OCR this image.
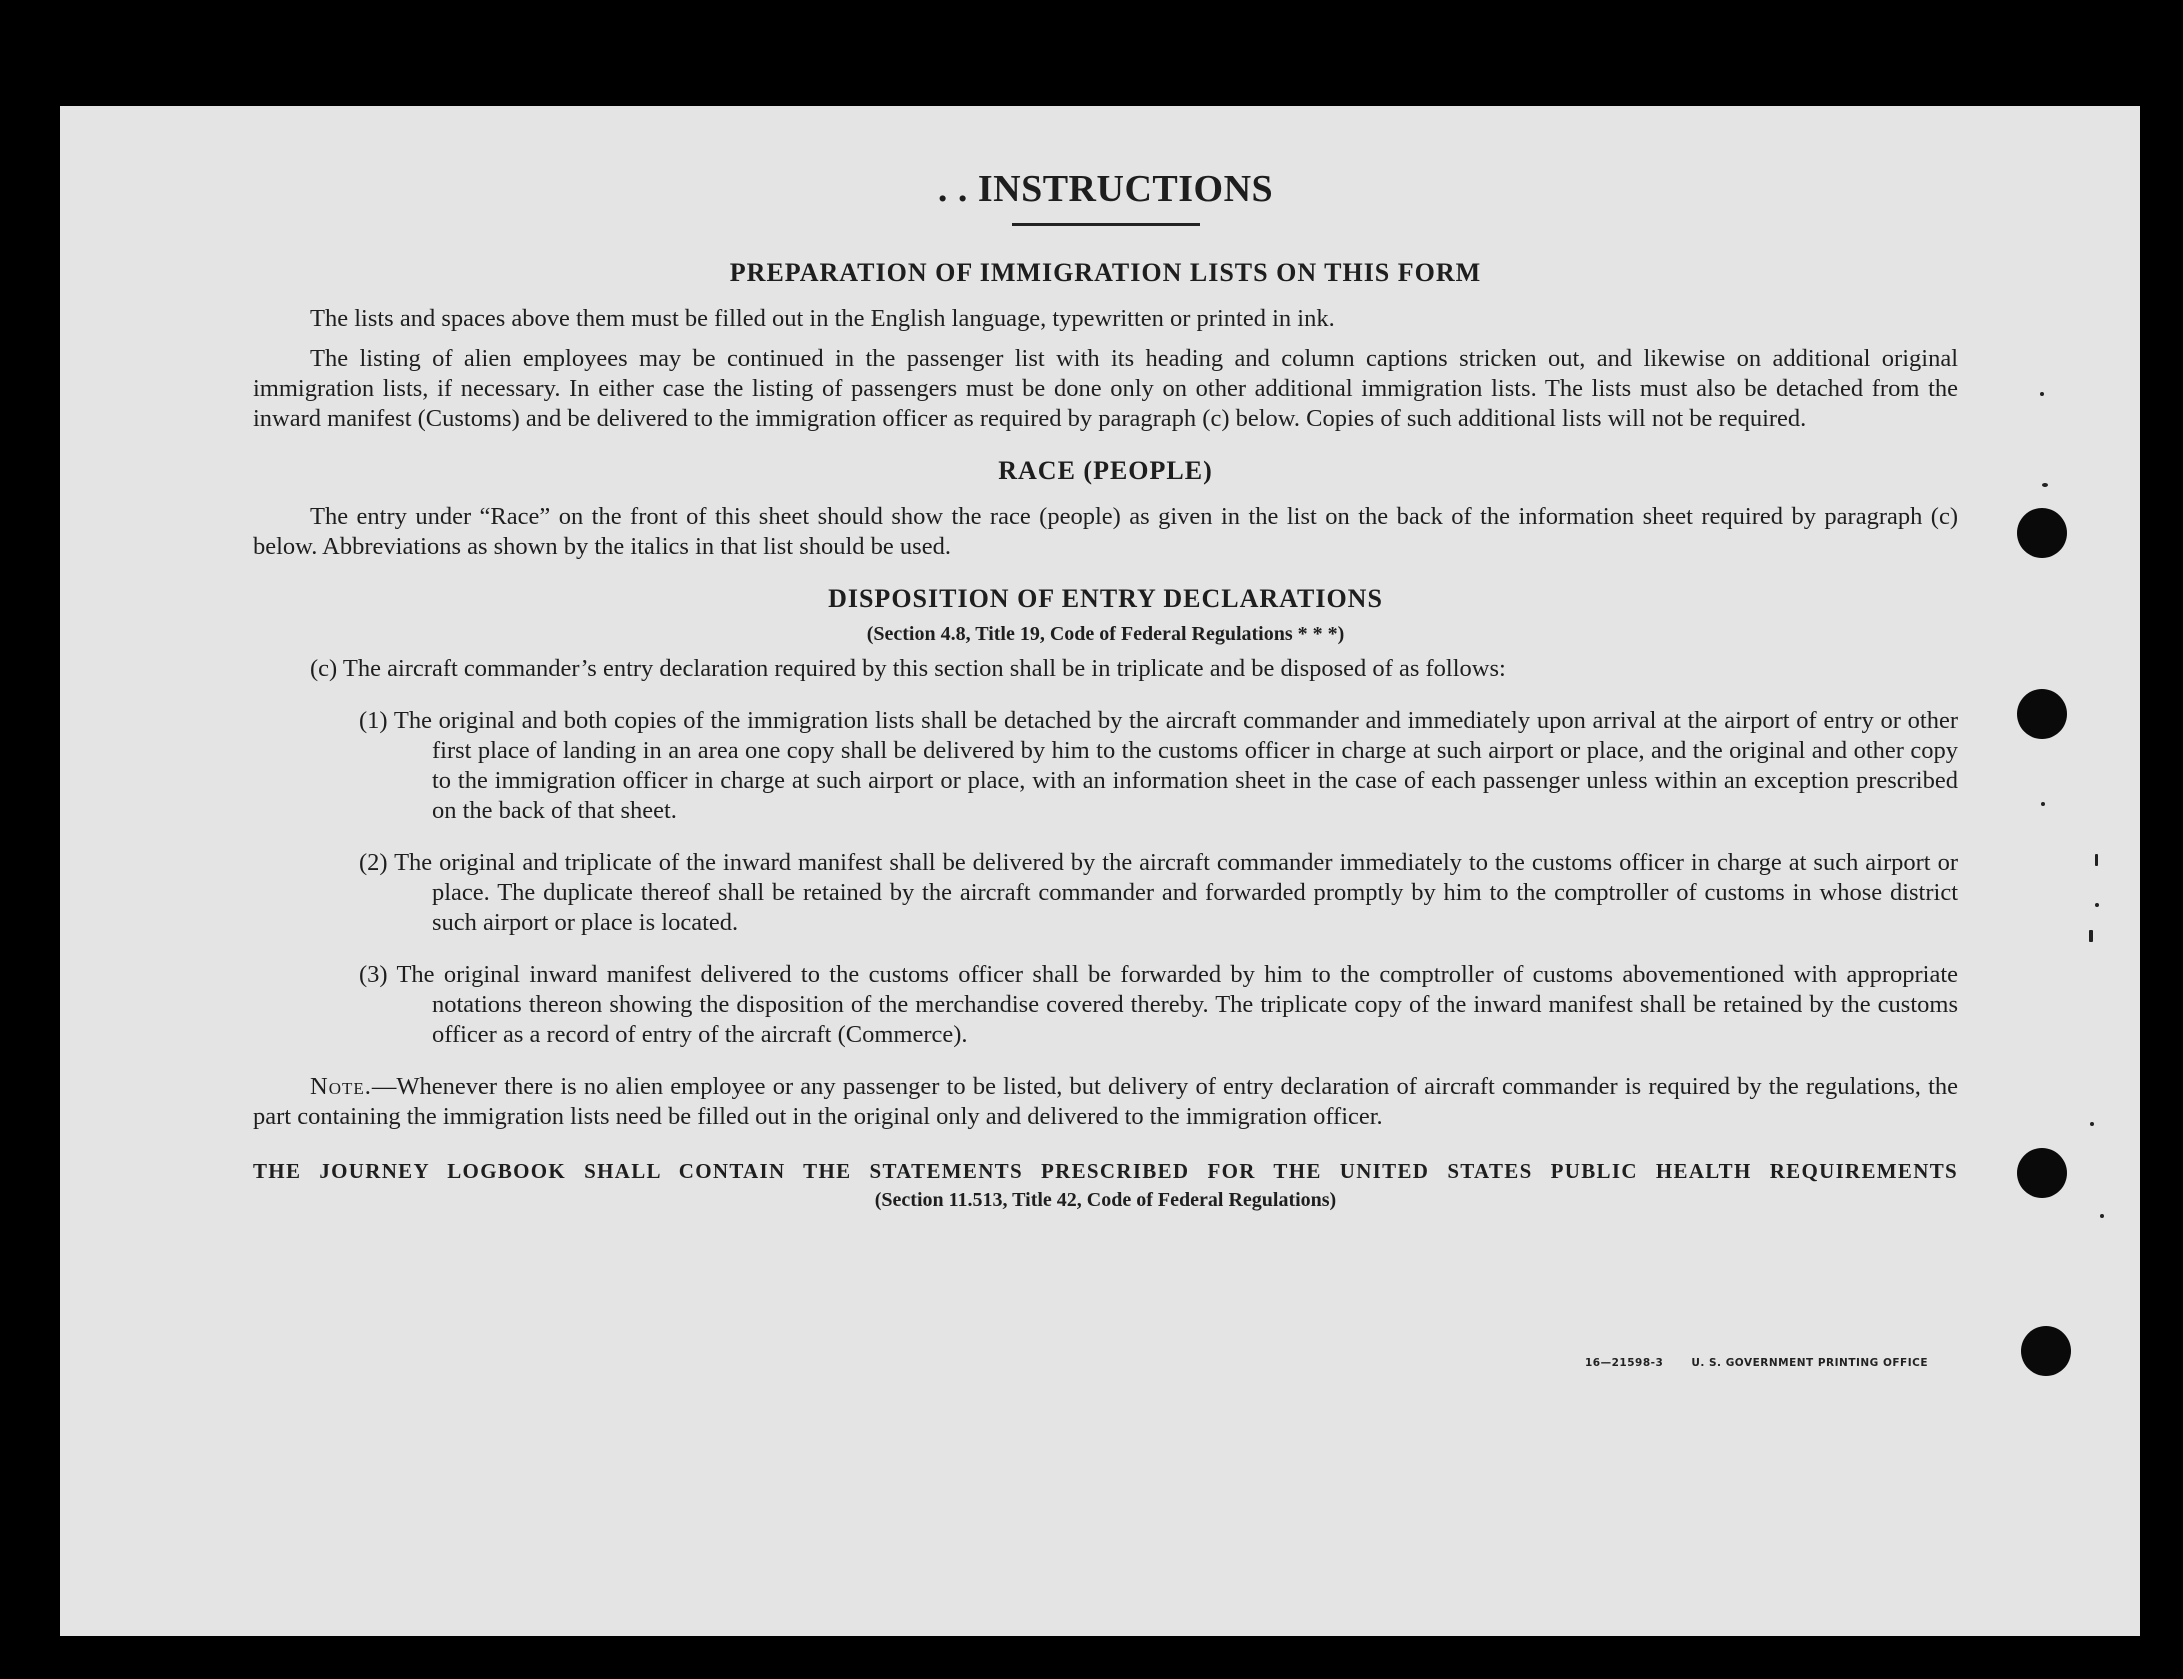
. . INSTRUCTIONS
PREPARATION OF IMMIGRATION LISTS ON THIS FORM

The lists and spaces above them must be filled out in the English language, typewritten or printed in ink.

The listing of alien employees may be continued in the passenger list with its heading and column captions stricken out, and likewise on additional original immigration lists, if necessary. In either case the listing of passengers must be done only on other additional immigration lists. The lists must also be detached from the inward manifest (Customs) and be delivered to the immigration officer as required by paragraph (c) below. Copies of such additional lists will not be required.

RACE (PEOPLE)

The entry under “Race” on the front of this sheet should show the race (people) as given in the list on the back of the information sheet required by paragraph (c) below. Abbreviations as shown by the italics in that list should be used.

DISPOSITION OF ENTRY DECLARATIONS

(Section 4.8, Title 19, Code of Federal Regulations * * *)

(c) The aircraft commander’s entry declaration required by this section shall be in triplicate and be disposed of as follows:

(1) The original and both copies of the immigration lists shall be detached by the aircraft commander and immediately upon arrival at the airport of entry or other first place of landing in an area one copy shall be delivered by him to the customs officer in charge at such airport or place, and the original and other copy to the immigration officer in charge at such airport or place, with an information sheet in the case of each passenger unless within an exception prescribed on the back of that sheet.

(2) The original and triplicate of the inward manifest shall be delivered by the aircraft commander immediately to the customs officer in charge at such airport or place. The duplicate thereof shall be retained by the aircraft commander and forwarded promptly by him to the comptroller of customs in whose district such airport or place is located.

(3) The original inward manifest delivered to the customs officer shall be forwarded by him to the comptroller of customs abovementioned with appropriate notations thereon showing the disposition of the merchandise covered thereby. The triplicate copy of the inward manifest shall be retained by the customs officer as a record of entry of the aircraft (Commerce).

Note.—Whenever there is no alien employee or any passenger to be listed, but delivery of entry declaration of aircraft commander is required by the regulations, the part containing the immigration lists need be filled out in the original only and delivered to the immigration officer.

THE JOURNEY LOGBOOK SHALL CONTAIN THE STATEMENTS PRESCRIBED FOR THE UNITED STATES PUBLIC HEALTH REQUIREMENTS

(Section 11.513, Title 42, Code of Federal Regulations)

16—21598-3	U. S. GOVERNMENT PRINTING OFFICE
